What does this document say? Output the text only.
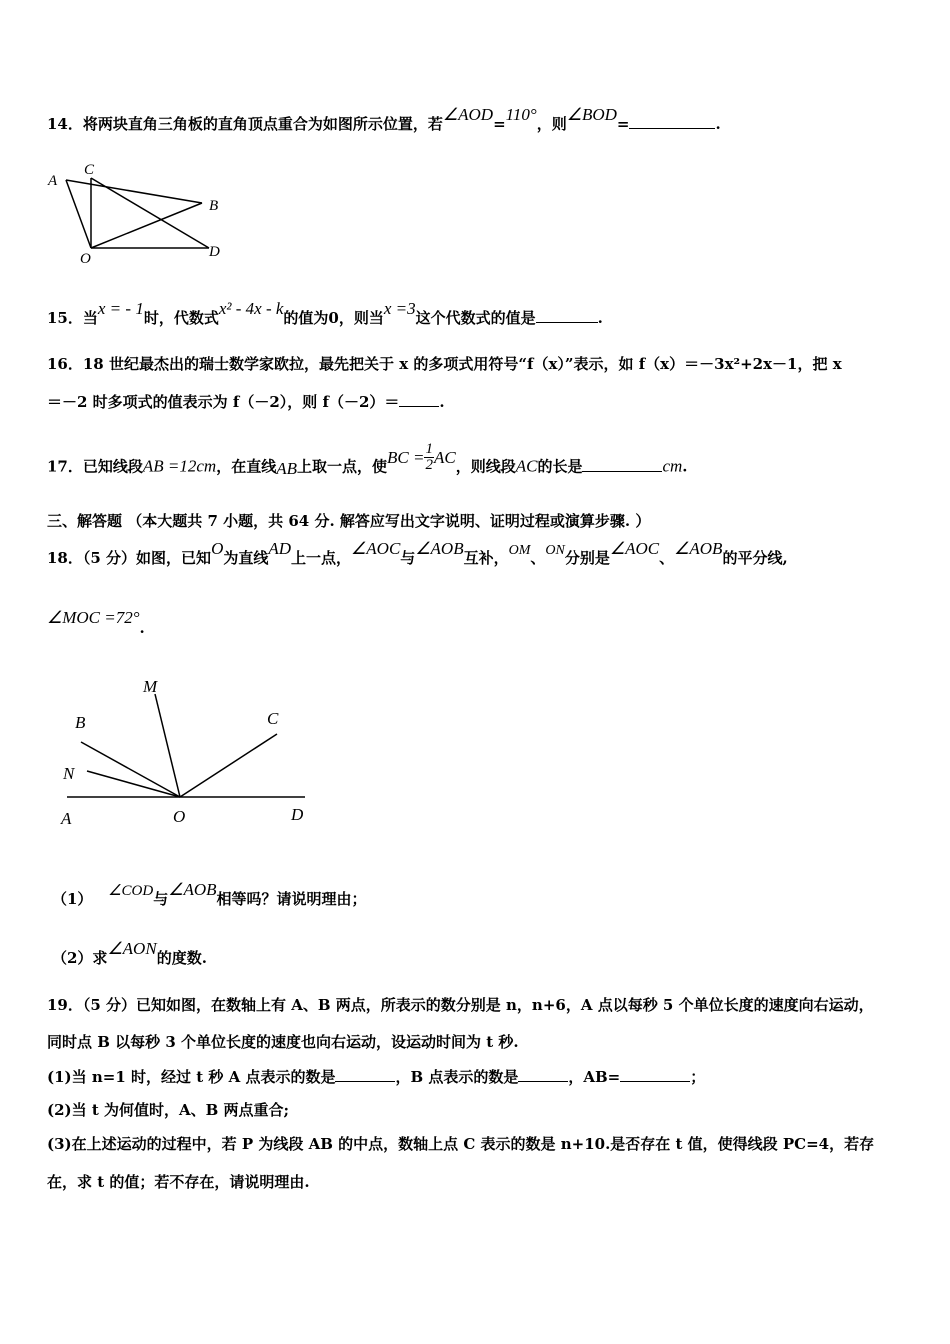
14．将两块直角三角板的直角顶点重合为如图所示位置，若∠AOD=110°，则∠BOD=	.
A
C
B
O	D
15．当x = - 1时，代数式x² - 4x - k的值为0，则当x =3这个代数式的值是	.
16．18 世纪最杰出的瑞士数学家欧拉，最先把关于 x 的多项式用符号“f（x）”表示，如 f（x）＝－3x²+2x－1，把 x
＝－2 时多项式的值表示为 f（－2），则 f（－2）＝	.
17．已知线段AB =12cm，在直线AB上取一点，使BC = $\frac{1}{2}$ AC，则线段AC的长是	cm.
三、解答题 （本大题共 7 小题，共 64 分. 解答应写出文字说明、证明过程或演算步骤. ）
18．（5 分）如图，已知O为直线AD上一点，∠AOC与∠AOB互补，OM、ON分别是∠AOC、∠AOB的平分线,
∠MOC =72°.
M
B	C
N
A	O	D
（1） ∠COD与∠AOB相等吗？请说明理由；
（2）求∠AON的度数.
19．（5 分）已知如图，在数轴上有 A、B 两点，所表示的数分别是 n，n+6，A 点以每秒 5 个单位长度的速度向右运动，
同时点 B 以每秒 3 个单位长度的速度也向右运动，设运动时间为 t 秒.
(1)当 n=1 时，经过 t 秒 A 点表示的数是	，B 点表示的数是	，AB=	；
(2)当 t 为何值时，A、B 两点重合;
(3)在上述运动的过程中，若 P 为线段 AB 的中点，数轴上点 C 表示的数是 n+10.是否存在 t 值，使得线段 PC=4，若存
在，求 t 的值；若不存在，请说明理由.
